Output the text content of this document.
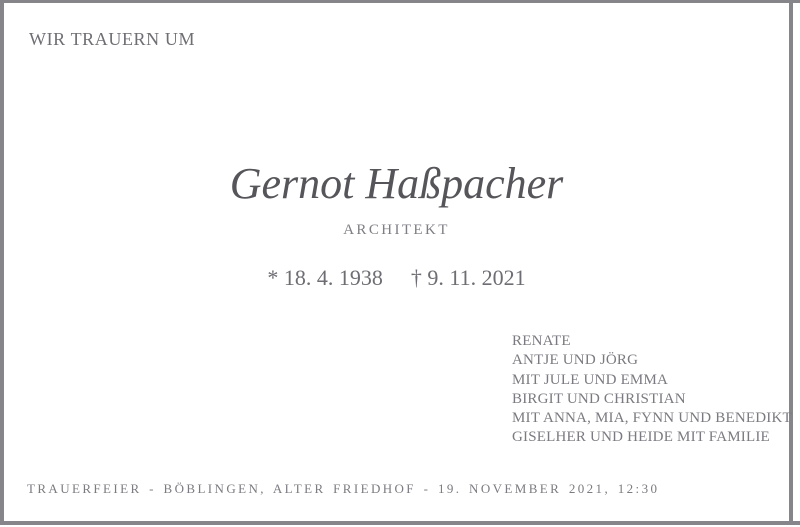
WIR TRAUERN UM
Gernot Haßpacher
ARCHITEKT
* 18. 4. 1938 † 9. 11. 2021
RENATE
ANTJE UND JÖRG
MIT JULE UND EMMA
BIRGIT UND CHRISTIAN
MIT ANNA, MIA, FYNN UND BENEDIKT
GISELHER UND HEIDE MIT FAMILIE
TRAUERFEIER - BÖBLINGEN, ALTER FRIEDHOF - 19. NOVEMBER 2021, 12:30
